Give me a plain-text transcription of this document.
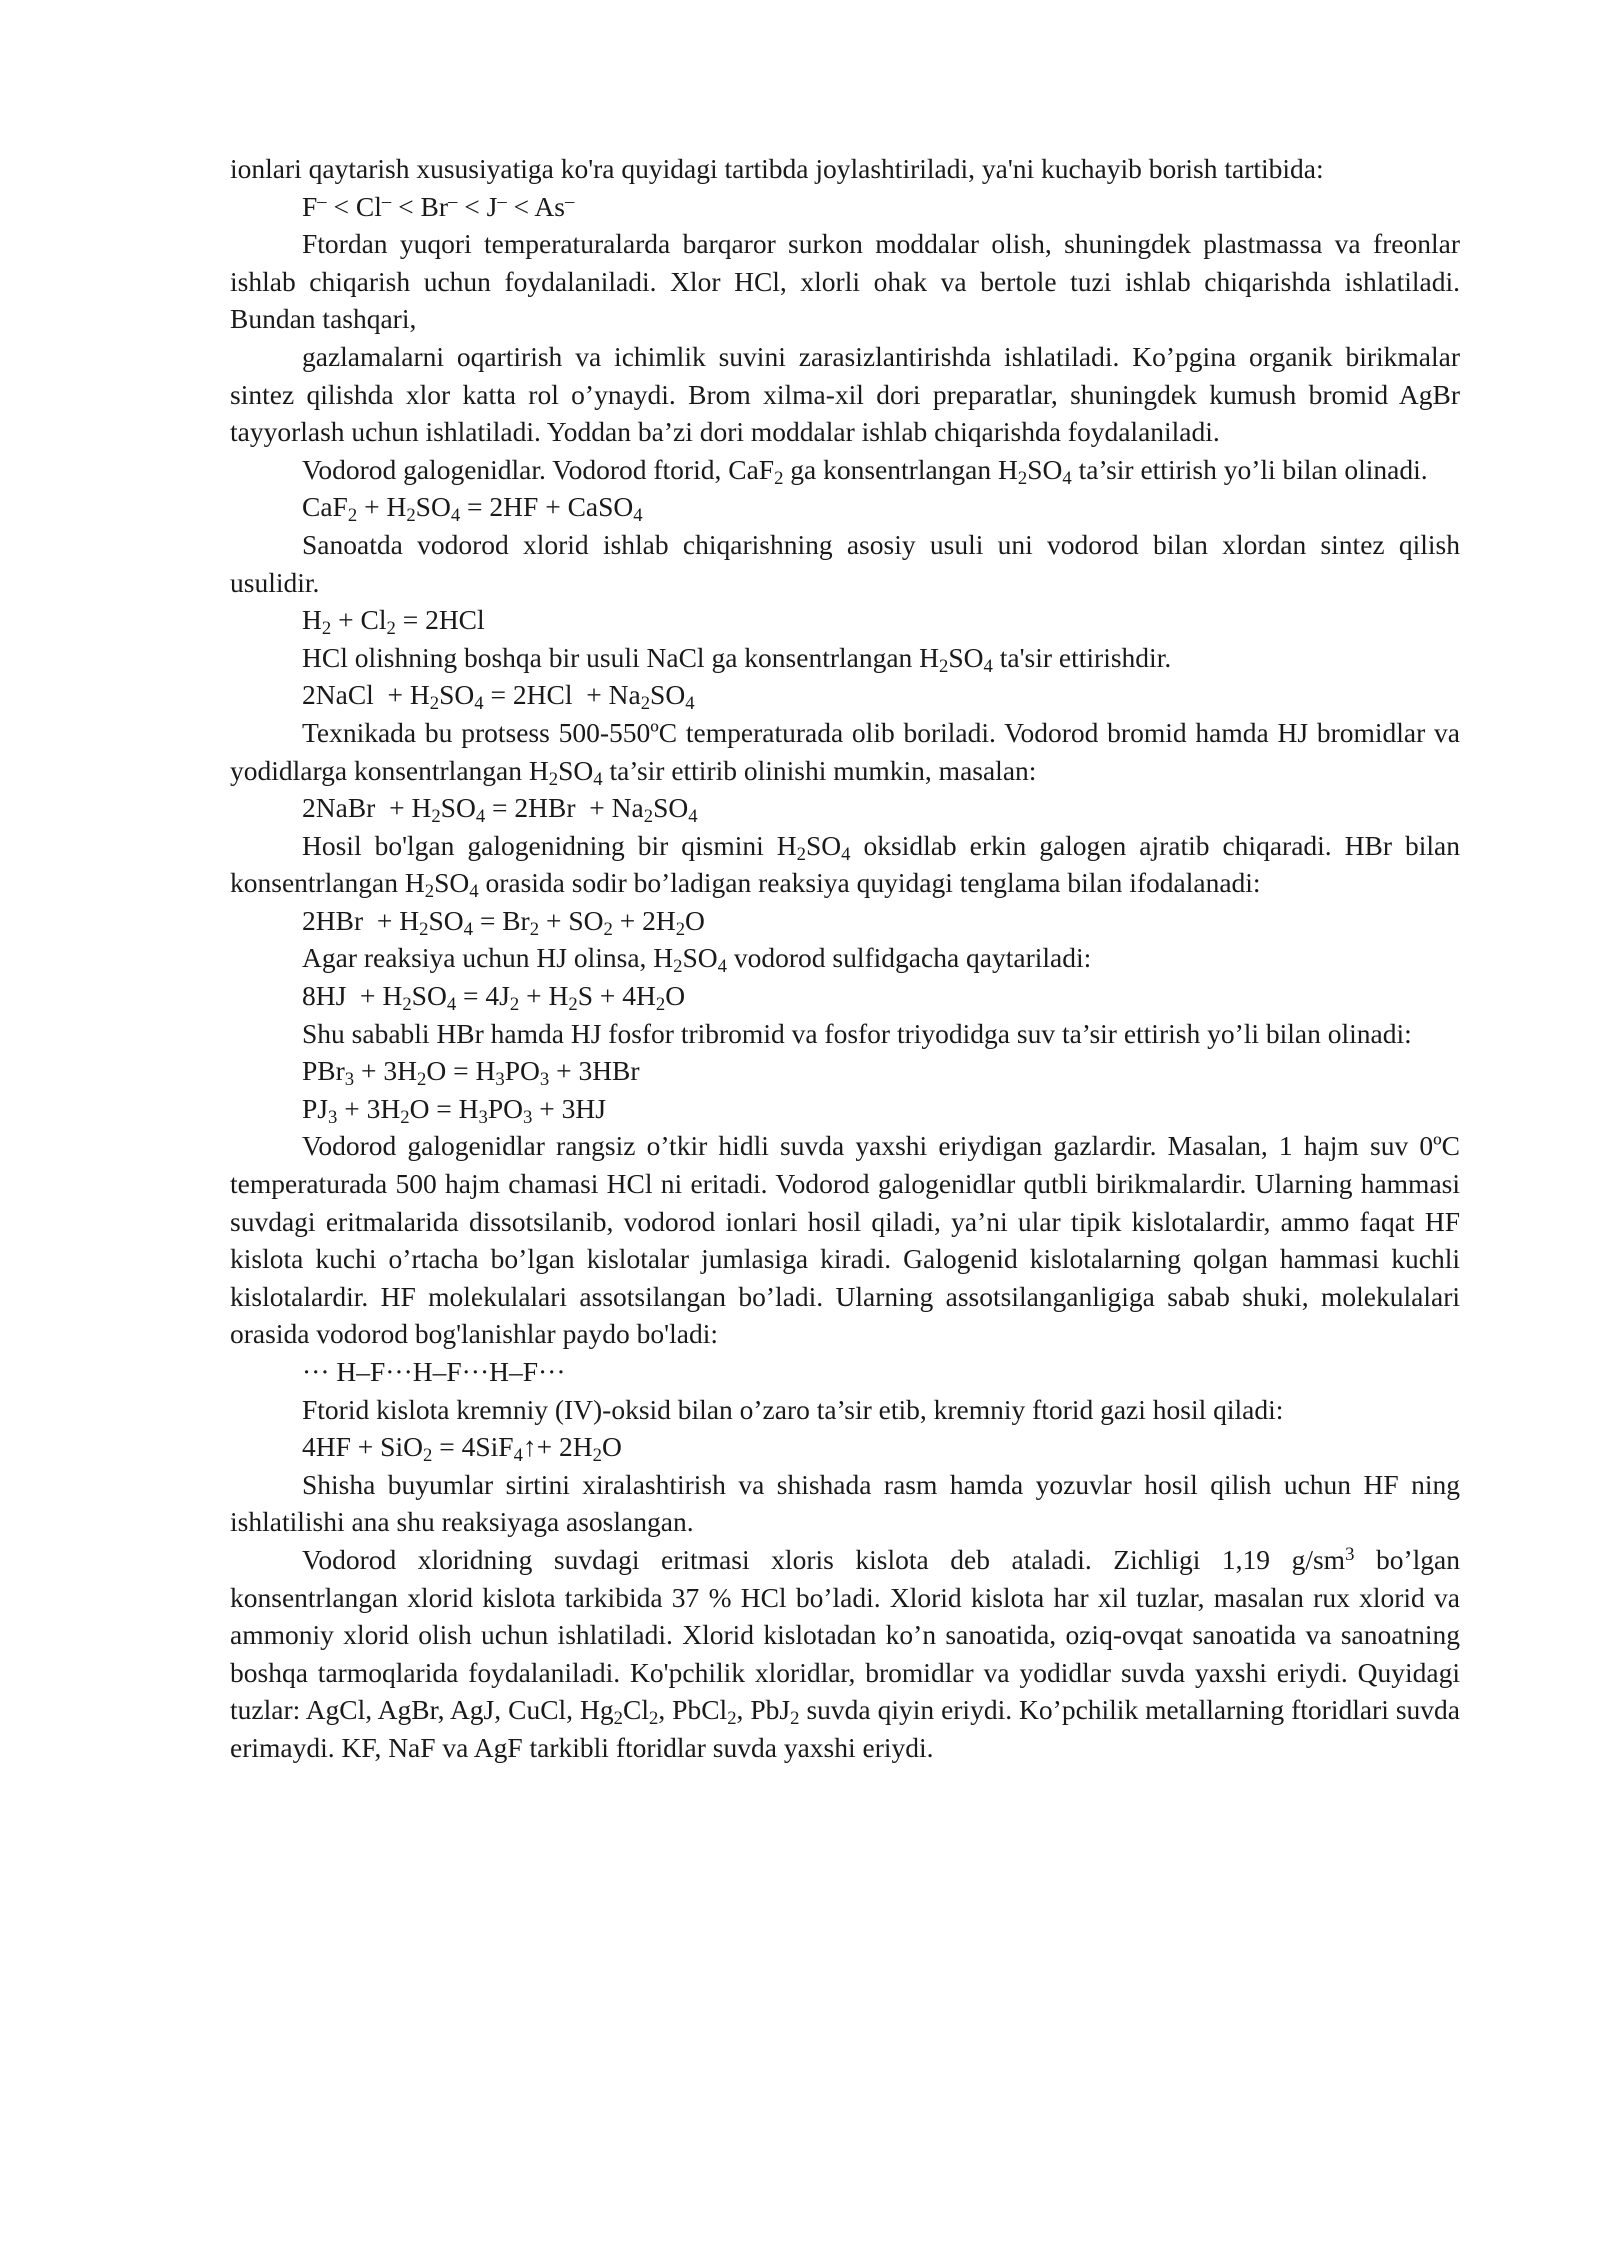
ionlari qaytarish xususiyatiga ko'ra quyidagi tartibda joylashtiriladi, ya'ni kuchayib borish tartibida:

F– < Cl– < Br– < J– < As–

Ftordan yuqori temperaturalarda barqaror surkon moddalar olish, shuningdek plastmassa va freonlar ishlab chiqarish uchun foydalaniladi. Xlor HCl, xlorli ohak va bertole tuzi ishlab chiqarishda ishlatiladi. Bundan tashqari,

gazlamalarni oqartirish va ichimlik suvini zarasizlantirishda ishlatiladi. Ko’pgina organik birikmalar sintez qilishda xlor katta rol o’ynaydi. Brom xilma-xil dori preparatlar, shuningdek kumush bromid AgBr tayyorlash uchun ishlatiladi. Yoddan ba’zi dori moddalar ishlab chiqarishda foydalaniladi.

Vodorod galogenidlar. Vodorod ftorid, CaF$_2$ ga konsentrlangan $H_2SO_4$ ta’sir ettirish yo’li bilan olinadi.

$CaF_2 + H_2SO_4 = 2HF$ + CaSO$_4$

Sanoatda vodorod xlorid ishlab chiqarishning asosiy usuli uni vodorod bilan xlordan sintez qilish usulidir.

$H_2 + Cl_2 = 2HCl$

HCl olishning boshqa bir usuli NaCl ga konsentrlangan $H_2SO_4$ ta'sir ettirishdir.

2NaCl  + $H_2SO_4 = 2HCl + Na_2SO_4$

Texnikada bu protsess 500-550ºC temperaturada olib boriladi. Vodorod bromid hamda HJ bromidlar va yodidlarga konsentrlangan $H_2SO_4$ ta’sir ettirib olinishi mumkin, masalan:

2NaBr  + $H_2SO_4 = 2HBr + Na_2SO_4$

Hosil bo'lgan galogenidning bir qismini $H_2SO_4$ oksidlab erkin galogen ajratib chiqaradi. HBr bilan konsentrlangan $H_2SO_4$ orasida sodir bo’ladigan reaksiya quyidagi tenglama bilan ifodalanadi:

$2HBr + H_2SO_4 = Br_2 + SO_2 + 2H_2O$

Agar reaksiya uchun HJ olinsa, $H_2SO_4$ vodorod sulfidgacha qaytariladi:

$8HJ + H_2SO_4 = 4J_2 + H_2S + 4H_2O$

Shu sababli HBr hamda HJ fosfor tribromid va fosfor triyodidga suv ta’sir ettirish yo’li bilan olinadi:

$PBr_3 + 3H_2O = H_3PO_3 + 3HBr$

$PJ_3 + 3H_2O = H_3PO_3 + 3HJ$

Vodorod galogenidlar rangsiz o’tkir hidli suvda yaxshi eriydigan gazlardir. Masalan, 1 hajm suv 0ºC temperaturada 500 hajm chamasi HCl ni eritadi. Vodorod galogenidlar qutbli birikmalardir. Ularning hammasi suvdagi eritmalarida dissotsilanib, vodorod ionlari hosil qiladi, ya’ni ular tipik kislotalardir, ammo faqat HF kislota kuchi o’rtacha bo’lgan kislotalar jumlasiga kiradi. Galogenid kislotalarning qolgan hammasi kuchli kislotalardir. HF molekulalari assotsilangan bo’ladi. Ularning assotsilanganligiga sabab shuki, molekulalari orasida vodorod bog'lanishlar paydo bo'ladi:

··· H–F···H–F···H–F···

Ftorid kislota kremniy (IV)-oksid bilan o’zaro ta’sir etib, kremniy ftorid gazi hosil qiladi:

4HF + SiO$_2$ = 4SiF$_4$↑+ $2H_2O$

Shisha buyumlar sirtini xiralashtirish va shishada rasm hamda yozuvlar hosil qilish uchun HF ning ishlatilishi ana shu reaksiyaga asoslangan.

Vodorod xloridning suvdagi eritmasi xloris kislota deb ataladi. Zichligi 1,19 $g/sm^3$ bo’lgan konsentrlangan xlorid kislota tarkibida 37 % HCl bo’ladi. Xlorid kislota har xil tuzlar, masalan rux xlorid va ammoniy xlorid olish uchun ishlatiladi. Xlorid kislotadan ko’n sanoatida, oziq-ovqat sanoatida va sanoatning boshqa tarmoqlarida foydalaniladi. Ko'pchilik xloridlar, bromidlar va yodidlar suvda yaxshi eriydi. Quyidagi tuzlar: AgCl, AgBr, AgJ, CuCl, $Hg_2Cl_2$, PbCl$_2$, PbJ$_2$ suvda qiyin eriydi. Ko’pchilik metallarning ftoridlari suvda erimaydi. KF, NaF va AgF tarkibli ftoridlar suvda yaxshi eriydi.
